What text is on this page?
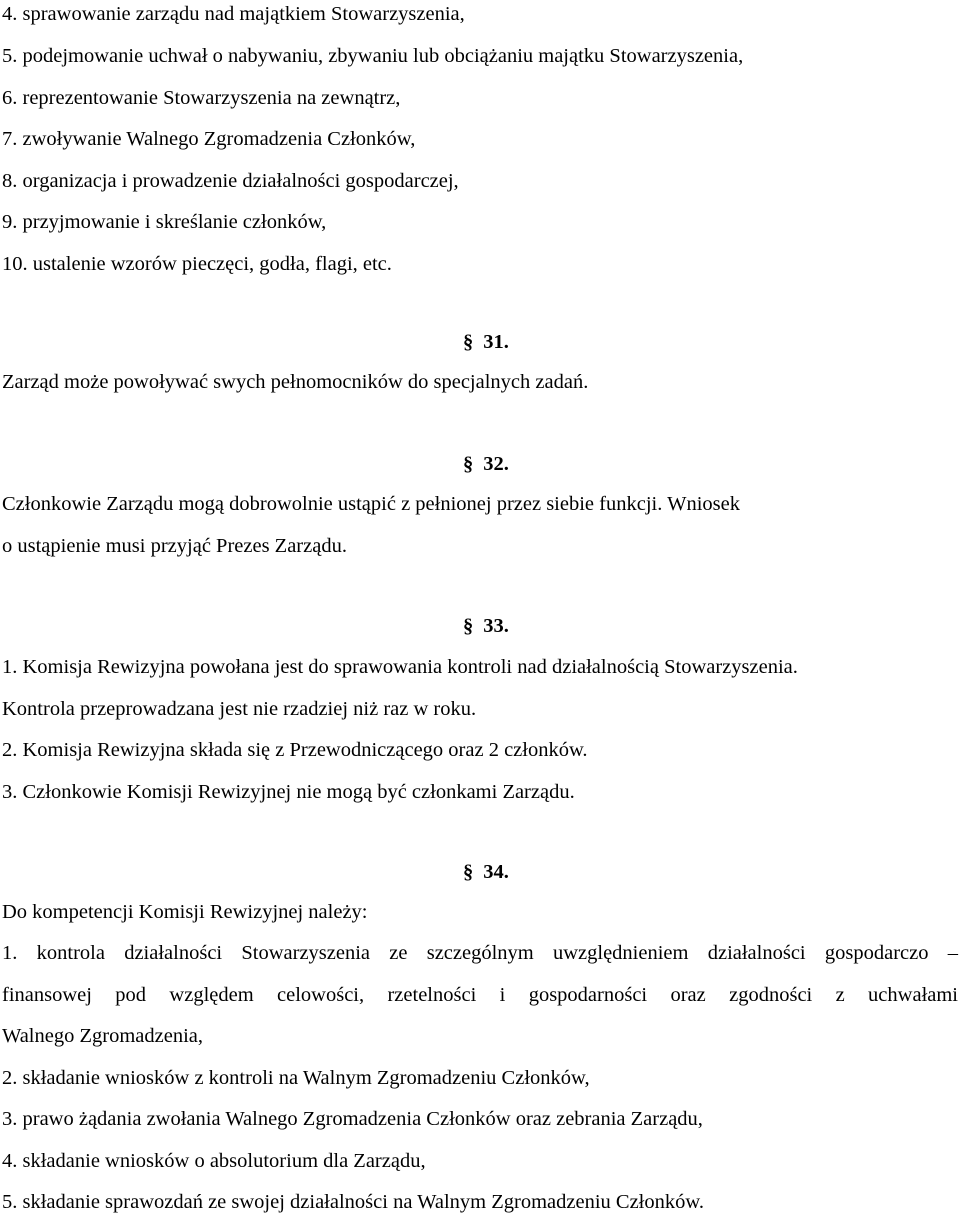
4. sprawowanie zarządu nad majątkiem Stowarzyszenia,
5. podejmowanie uchwał o nabywaniu, zbywaniu lub obciążaniu majątku Stowarzyszenia,
6. reprezentowanie Stowarzyszenia na zewnątrz,
7. zwoływanie Walnego Zgromadzenia Członków,
8. organizacja i prowadzenie działalności gospodarczej,
9. przyjmowanie i skreślanie członków,
10. ustalenie wzorów pieczęci, godła, flagi, etc.
§ 31.
Zarząd może powoływać swych pełnomocników do specjalnych zadań.
§ 32.
Członkowie Zarządu mogą dobrowolnie ustąpić z pełnionej przez siebie funkcji. Wniosek
o ustąpienie musi przyjąć Prezes Zarządu.
§ 33.
1. Komisja Rewizyjna powołana jest do sprawowania kontroli nad działalnością Stowarzyszenia.
Kontrola przeprowadzana jest nie rzadziej niż raz w roku.
2. Komisja Rewizyjna składa się z Przewodniczącego oraz 2 członków.
3. Członkowie Komisji Rewizyjnej nie mogą być członkami Zarządu.
§ 34.
Do kompetencji Komisji Rewizyjnej należy:
1. kontrola działalności Stowarzyszenia ze szczególnym uwzględnieniem działalności gospodarczo –
finansowej pod względem celowości, rzetelności i gospodarności oraz zgodności z uchwałami
Walnego Zgromadzenia,
2. składanie wniosków z kontroli na Walnym Zgromadzeniu Członków,
3. prawo żądania zwołania Walnego Zgromadzenia Członków oraz zebrania Zarządu,
4. składanie wniosków o absolutorium dla Zarządu,
5. składanie sprawozdań ze swojej działalności na Walnym Zgromadzeniu Członków.
